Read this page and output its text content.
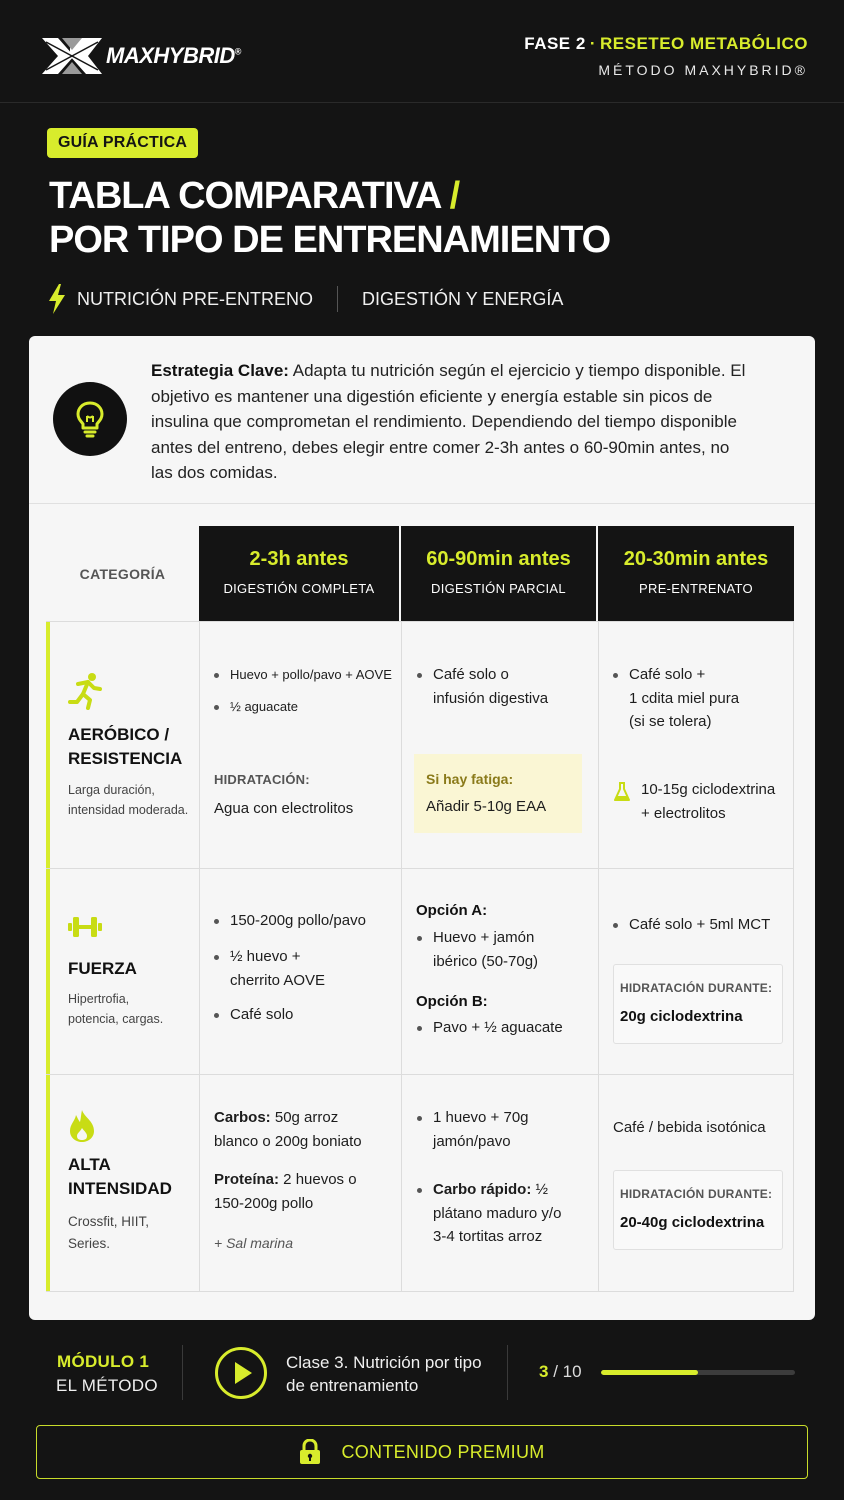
MAXHYBRID®	FASE 2 · RESETEO METABÓLICO
MÉTODO MAXHYBRID®
GUÍA PRÁCTICA
TABLA COMPARATIVA /
POR TIPO DE ENTRENAMIENTO
NUTRICIÓN PRE-ENTRENO	DIGESTIÓN Y ENERGÍA

Estrategia Clave: Adapta tu nutrición según el ejercicio y tiempo disponible. El objetivo es mantener una digestión eficiente y energía estable sin picos de insulina que comprometan el rendimiento. Dependiendo del tiempo disponible antes del entreno, debes elegir entre comer 2-3h antes o 60-90min antes, no las dos comidas.

CATEGORÍA
2-3h antes
DIGESTIÓN COMPLETA
60-90min antes
DIGESTIÓN PARCIAL
20-30min antes
PRE-ENTRENATO
AERÓBICO /
RESISTENCIA
Larga duración,
intensidad moderada.
Huevo + pollo/pavo + AOVE
½ aguacate
HIDRATACIÓN:
Agua con electrolitos
Café solo o
infusión digestiva
Si hay fatiga:
Añadir 5-10g EAA
Café solo +
1 cdita miel pura
(si se tolera)
10-15g ciclodextrina
+ electrolitos
FUERZA
Hipertrofia,
potencia, cargas.
150-200g pollo/pavo
½ huevo +
cherrito AOVE
Café solo
Opción A:
Huevo + jamón
ibérico (50-70g)
Opción B:
Pavo + ½ aguacate
Café solo + 5ml MCT
HIDRATACIÓN DURANTE:
20g ciclodextrina
ALTA
INTENSIDAD
Crossfit, HIIT,
Series.
Carbos: 50g arroz
blanco o 200g boniato
Proteína: 2 huevos o
150-200g pollo
+ Sal marina
1 huevo + 70g
jamón/pavo
Carbo rápido: ½
plátano maduro y/o
3-4 tortitas arroz
Café / bebida isotónica
HIDRATACIÓN DURANTE:
20-40g ciclodextrina
MÓDULO 1
EL MÉTODO
Clase 3. Nutrición por tipo de entrenamiento
3 / 10
CONTENIDO PREMIUM
